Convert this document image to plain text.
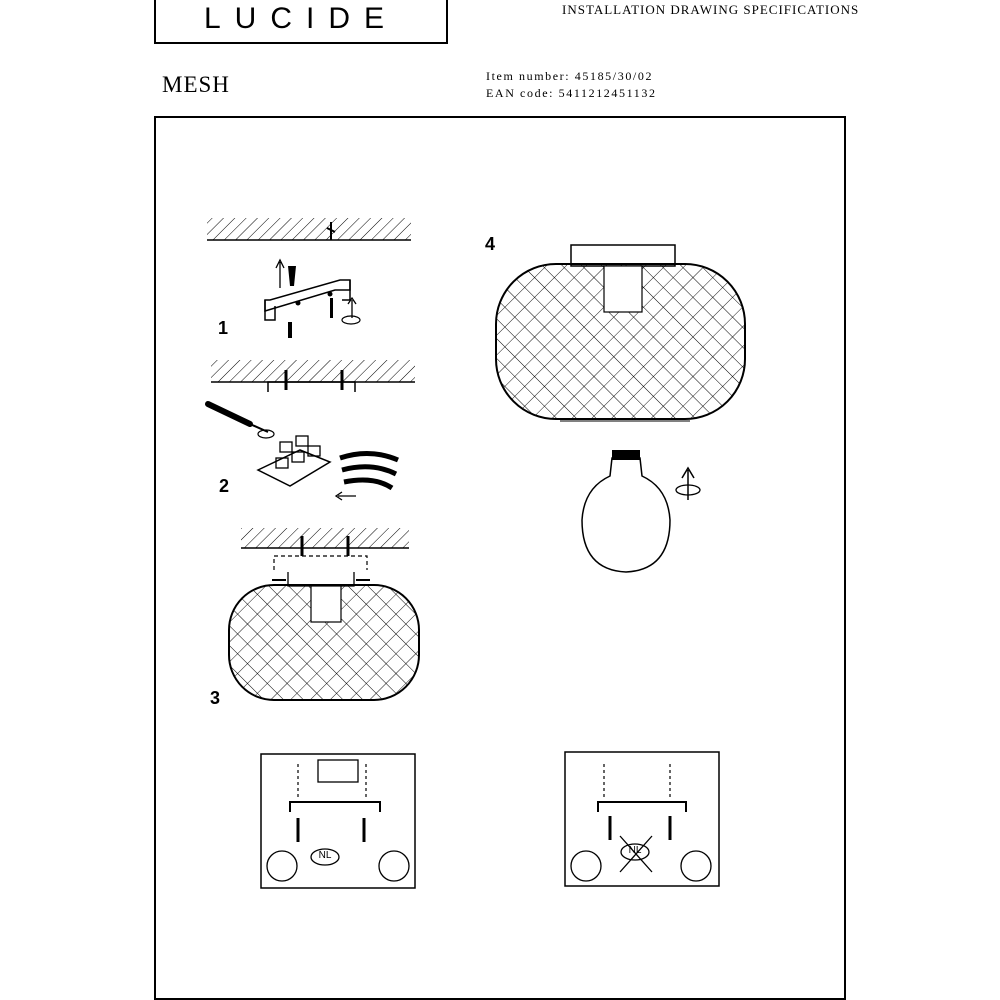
LUCIDE	INSTALLATION DRAWING SPECIFICATIONS
MESH	Item number: 45185/30/02
EAN code: 5411212451132
1
2
3
4
NL	NL
